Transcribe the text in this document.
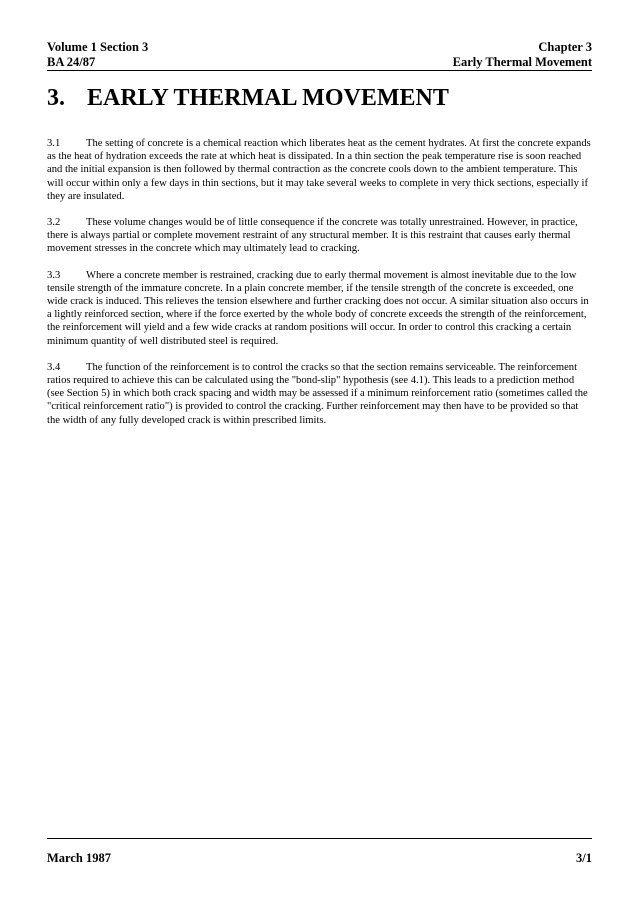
Volume 1 Section 3	Chapter 3
BA 24/87	Early Thermal Movement
3. EARLY THERMAL MOVEMENT

3.1 The setting of concrete is a chemical reaction which liberates heat as the cement hydrates. At first the concrete expands as the heat of hydration exceeds the rate at which heat is dissipated. In a thin section the peak temperature rise is soon reached and the initial expansion is then followed by thermal contraction as the concrete cools down to the ambient temperature. This will occur within only a few days in thin sections, but it may take several weeks to complete in very thick sections, especially if they are insulated.

3.2 These volume changes would be of little consequence if the concrete was totally unrestrained. However, in practice, there is always partial or complete movement restraint of any structural member. It is this restraint that causes early thermal movement stresses in the concrete which may ultimately lead to cracking.

3.3 Where a concrete member is restrained, cracking due to early thermal movement is almost inevitable due to the low tensile strength of the immature concrete. In a plain concrete member, if the tensile strength of the concrete is exceeded, one wide crack is induced. This relieves the tension elsewhere and further cracking does not occur. A similar situation also occurs in a lightly reinforced section, where if the force exerted by the whole body of concrete exceeds the strength of the reinforcement, the reinforcement will yield and a few wide cracks at random positions will occur. In order to control this cracking a certain minimum quantity of well distributed steel is required.

3.4 The function of the reinforcement is to control the cracks so that the section remains serviceable. The reinforcement ratios required to achieve this can be calculated using the "bond-slip" hypothesis (see 4.1). This leads to a prediction method (see Section 5) in which both crack spacing and width may be assessed if a minimum reinforcement ratio (sometimes called the "critical reinforcement ratio") is provided to control the cracking. Further reinforcement may then have to be provided so that the width of any fully developed crack is within prescribed limits.

March 1987	3/1
